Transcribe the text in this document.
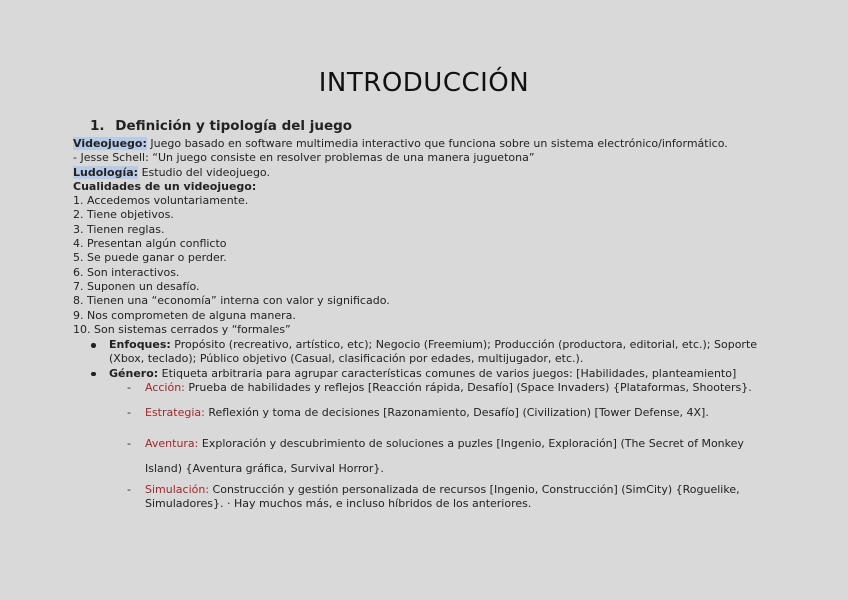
INTRODUCCIÓN
1. Definición y tipología del juego
Videojuego: Juego basado en software multimedia interactivo que funciona sobre un sistema electrónico/informático.
- Jesse Schell: “Un juego consiste en resolver problemas de una manera juguetona”
Ludología: Estudio del videojuego.
Cualidades de un videojuego:
1. Accedemos voluntariamente.
2. Tiene objetivos.
3. Tienen reglas.
4. Presentan algún conflicto
5. Se puede ganar o perder.
6. Son interactivos.
7. Suponen un desafío.
8. Tienen una “economía” interna con valor y significado.
9. Nos comprometen de alguna manera.
10. Son sistemas cerrados y “formales”
Enfoques: Propósito (recreativo, artístico, etc); Negocio (Freemium); Producción (productora, editorial, etc.); Soporte (Xbox, teclado); Público objetivo (Casual, clasificación por edades, multijugador, etc.).
Género: Etiqueta arbitraria para agrupar características comunes de varios juegos: [Habilidades, planteamiento]
- Acción: Prueba de habilidades y reflejos [Reacción rápida, Desafío] (Space Invaders) {Plataformas, Shooters}.
- Estrategia: Reflexión y toma de decisiones [Razonamiento, Desafío] (Civilization) [Tower Defense, 4X].
- Aventura: Exploración y descubrimiento de soluciones a puzles [Ingenio, Exploración] (The Secret of Monkey Island) {Aventura gráfica, Survival Horror}.
- Simulación: Construcción y gestión personalizada de recursos [Ingenio, Construcción] (SimCity) {Roguelike, Simuladores}. · Hay muchos más, e incluso híbridos de los anteriores.
